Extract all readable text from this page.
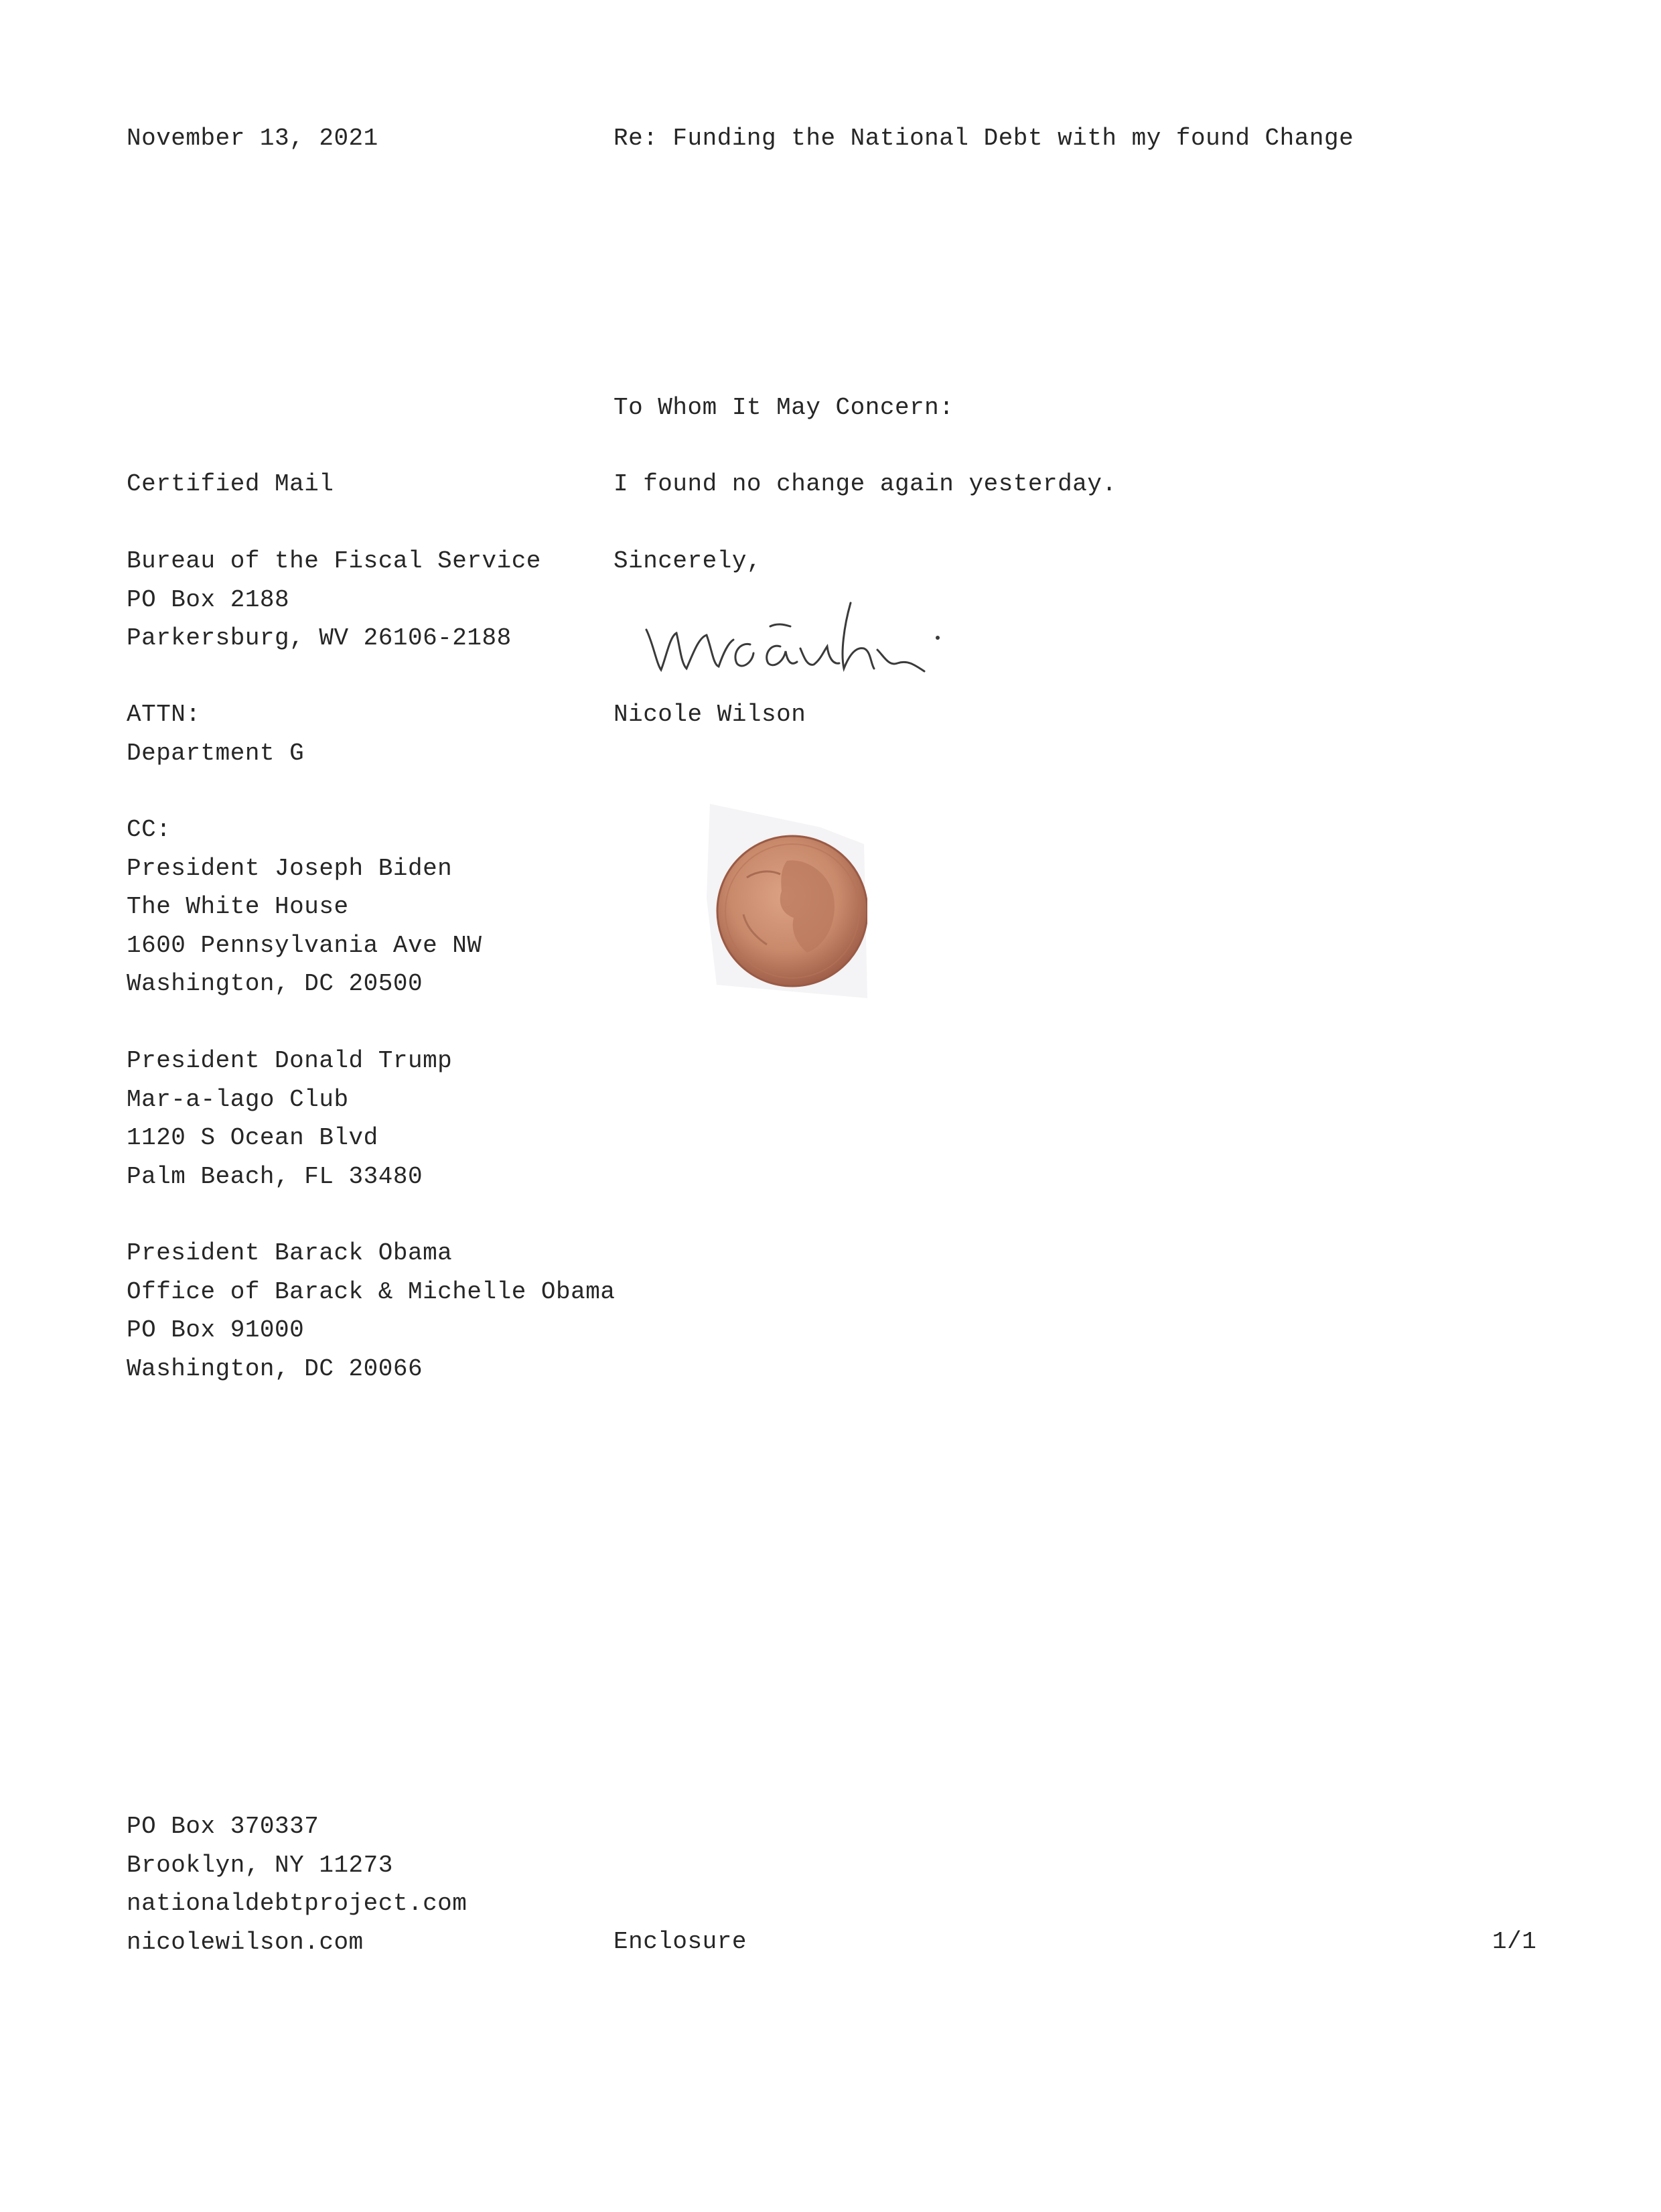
November 13, 2021	Re: Funding the National Debt with my found Change
To Whom It May Concern:
I found no change again yesterday.
Sincerely,
Nicole Wilson
Certified Mail
Bureau of the Fiscal Service
PO Box 2188
Parkersburg, WV 26106-2188
ATTN:
Department G
CC:
President Joseph Biden
The White House
1600 Pennsylvania Ave NW
Washington, DC 20500
President Donald Trump
Mar-a-lago Club
1120 S Ocean Blvd
Palm Beach, FL 33480
President Barack Obama
Office of Barack & Michelle Obama
PO Box 91000
Washington, DC 20066
PO Box 370337
Brooklyn, NY 11273
nationaldebtproject.com
nicolewilson.com	Enclosure	1/1
